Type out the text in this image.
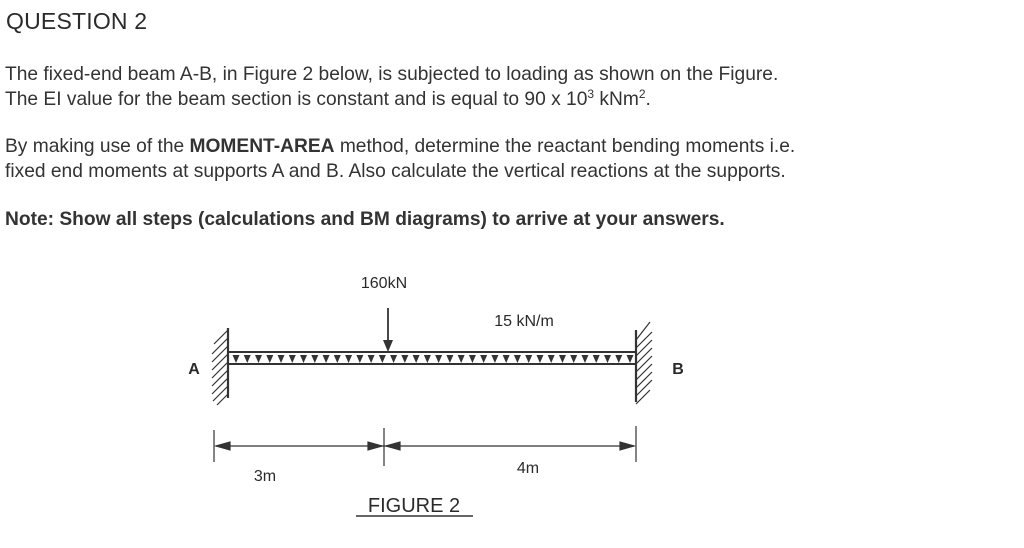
QUESTION 2
The fixed-end beam A-B, in Figure 2 below, is subjected to loading as shown on the Figure.
The EI value for the beam section is constant and is equal to 90 x $10^3$ kNm$^2$.
By making use of the MOMENT-AREA method, determine the reactant bending moments i.e.
fixed end moments at supports A and B. Also calculate the vertical reactions at the supports.
Note: Show all steps (calculations and BM diagrams) to arrive at your answers.
160kN
15 kN/m
A	B
3m	4m
FIGURE 2
